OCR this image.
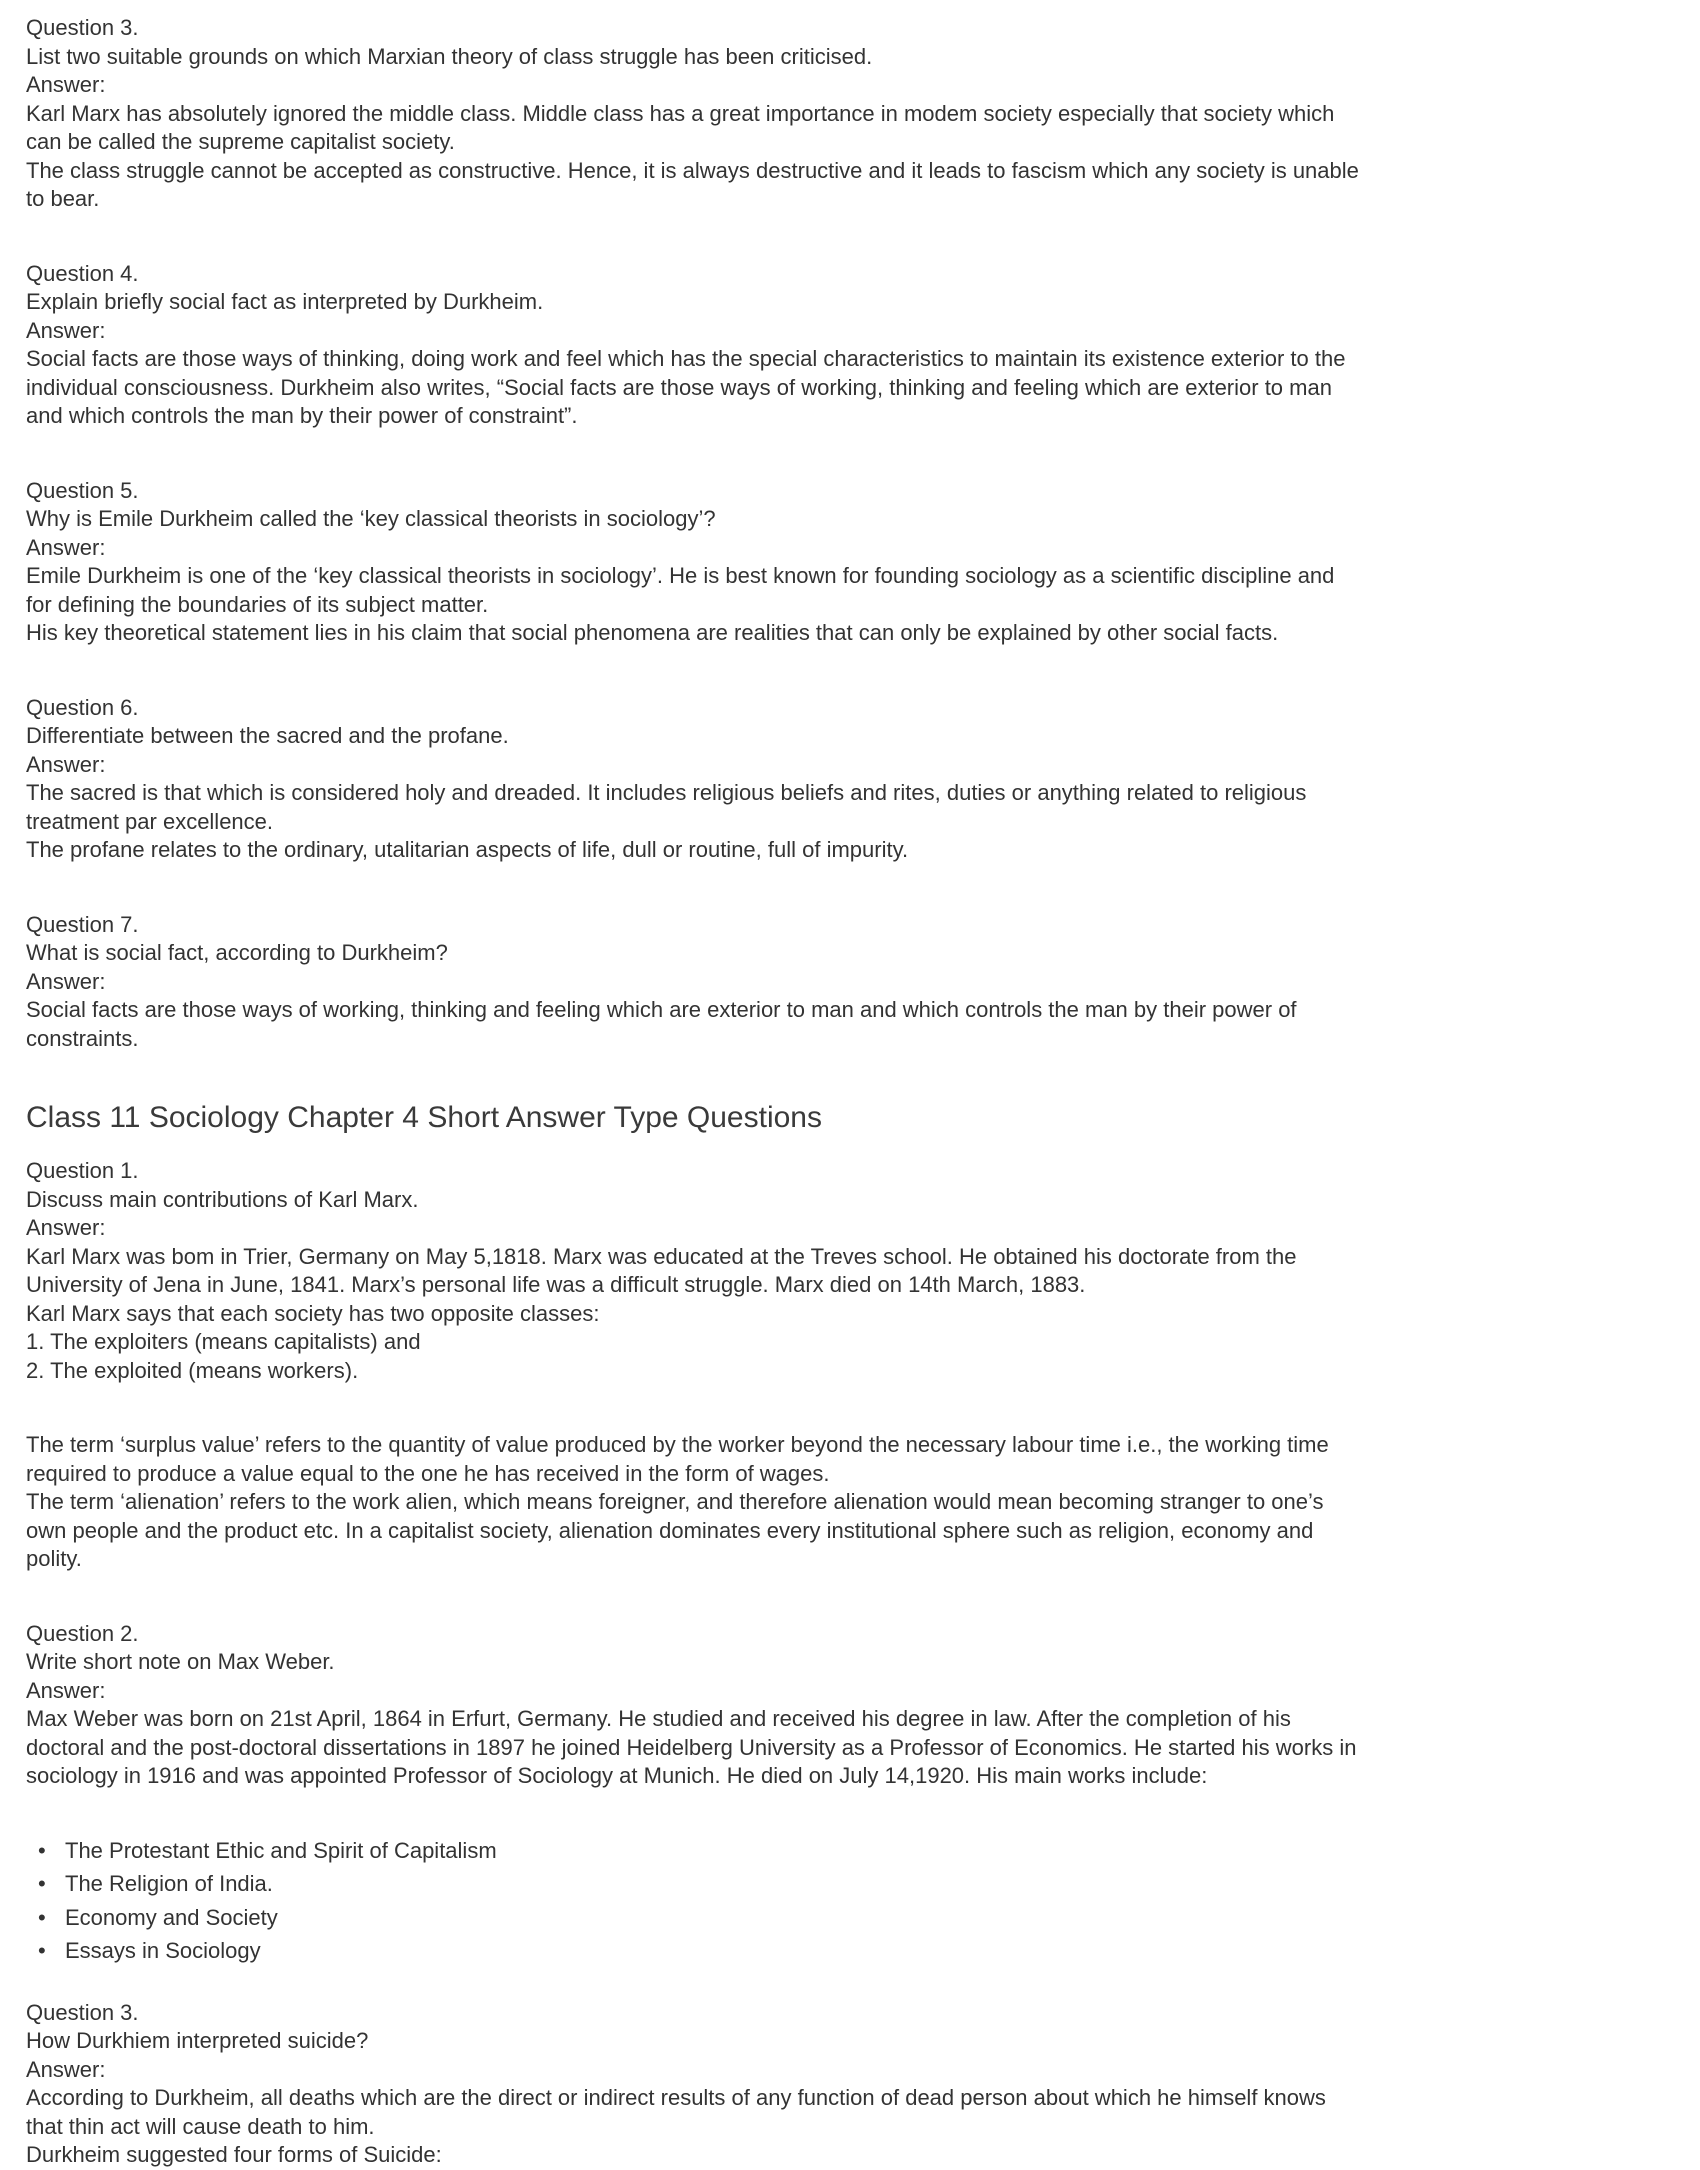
Question 3.
List two suitable grounds on which Marxian theory of class struggle has been criticised.
Answer:
Karl Marx has absolutely ignored the middle class. Middle class has a great importance in modem society especially that society which can be called the supreme capitalist society.
The class struggle cannot be accepted as constructive. Hence, it is always destructive and it leads to fascism which any society is unable to bear.
Question 4.
Explain briefly social fact as interpreted by Durkheim.
Answer:
Social facts are those ways of thinking, doing work and feel which has the special characteristics to maintain its existence exterior to the individual consciousness. Durkheim also writes, “Social facts are those ways of working, thinking and feeling which are exterior to man and which controls the man by their power of constraint”.
Question 5.
Why is Emile Durkheim called the ‘key classical theorists in sociology’?
Answer:
Emile Durkheim is one of the ‘key classical theorists in sociology’. He is best known for founding sociology as a scientific discipline and for defining the boundaries of its subject matter.
His key theoretical statement lies in his claim that social phenomena are realities that can only be explained by other social facts.
Question 6.
Differentiate between the sacred and the profane.
Answer:
The sacred is that which is considered holy and dreaded. It includes religious beliefs and rites, duties or anything related to religious treatment par excellence.
The profane relates to the ordinary, utalitarian aspects of life, dull or routine, full of impurity.
Question 7.
What is social fact, according to Durkheim?
Answer:
Social facts are those ways of working, thinking and feeling which are exterior to man and which controls the man by their power of constraints.
Class 11 Sociology Chapter 4 Short Answer Type Questions
Question 1.
Discuss main contributions of Karl Marx.
Answer:
Karl Marx was bom in Trier, Germany on May 5,1818. Marx was educated at the Treves school. He obtained his doctorate from the University of Jena in June, 1841. Marx’s personal life was a difficult struggle. Marx died on 14th March, 1883.
Karl Marx says that each society has two opposite classes:
1. The exploiters (means capitalists) and
2. The exploited (means workers).
The term ‘surplus value’ refers to the quantity of value produced by the worker beyond the necessary labour time i.e., the working time required to produce a value equal to the one he has received in the form of wages.
The term ‘alienation’ refers to the work alien, which means foreigner, and therefore alienation would mean becoming stranger to one’s own people and the product etc. In a capitalist society, alienation dominates every institutional sphere such as religion, economy and polity.
Question 2.
Write short note on Max Weber.
Answer:
Max Weber was born on 21st April, 1864 in Erfurt, Germany. He studied and received his degree in law. After the completion of his doctoral and the post-doctoral dissertations in 1897 he joined Heidelberg University as a Professor of Economics. He started his works in sociology in 1916 and was appointed Professor of Sociology at Munich. He died on July 14,1920. His main works include:
• The Protestant Ethic and Spirit of Capitalism
• The Religion of India.
• Economy and Society
• Essays in Sociology
Question 3.
How Durkhiem interpreted suicide?
Answer:
According to Durkheim, all deaths which are the direct or indirect results of any function of dead person about which he himself knows that thin act will cause death to him.
Durkheim suggested four forms of Suicide:
